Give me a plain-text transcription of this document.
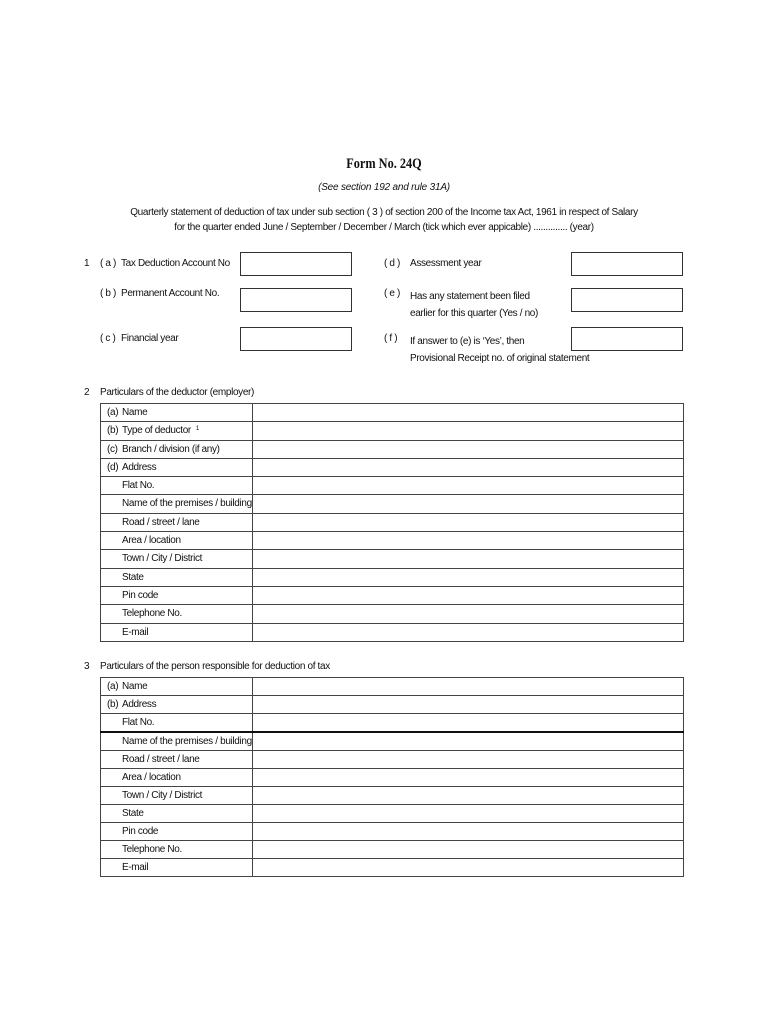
Form No. 24Q
(See section 192 and rule 31A)
Quarterly statement of deduction of tax under sub section ( 3 ) of section 200 of the Income tax Act, 1961 in respect of Salary
for the quarter ended June / September / December / March (tick which ever appicable) .............. (year)
1 ( a ) Tax Deduction Account No
( b ) Permanent Account No.
( c ) Financial year
( d ) Assessment year
( e ) Has any statement been filed
earlier for this quarter (Yes / no)
( f ) If answer to (e) is ‘Yes’, then
Provisional Receipt no. of original statement
2 Particulars of the deductor (employer)
(a) Name	
(b) Type of deductor $^1$	
(c) Branch / division (if any)	
(d) Address	
Flat No.	
Name of the premises / building	
Road / street / lane	
Area / location	
Town / City / District	
State	
Pin code	
Telephone No.	
E-mail	
3 Particulars of the person responsible for deduction of tax
(a) Name	
(b) Address	
Flat No.	
Name of the premises / building	
Road / street / lane	
Area / location	
Town / City / District	
State	
Pin code	
Telephone No.	
E-mail	
